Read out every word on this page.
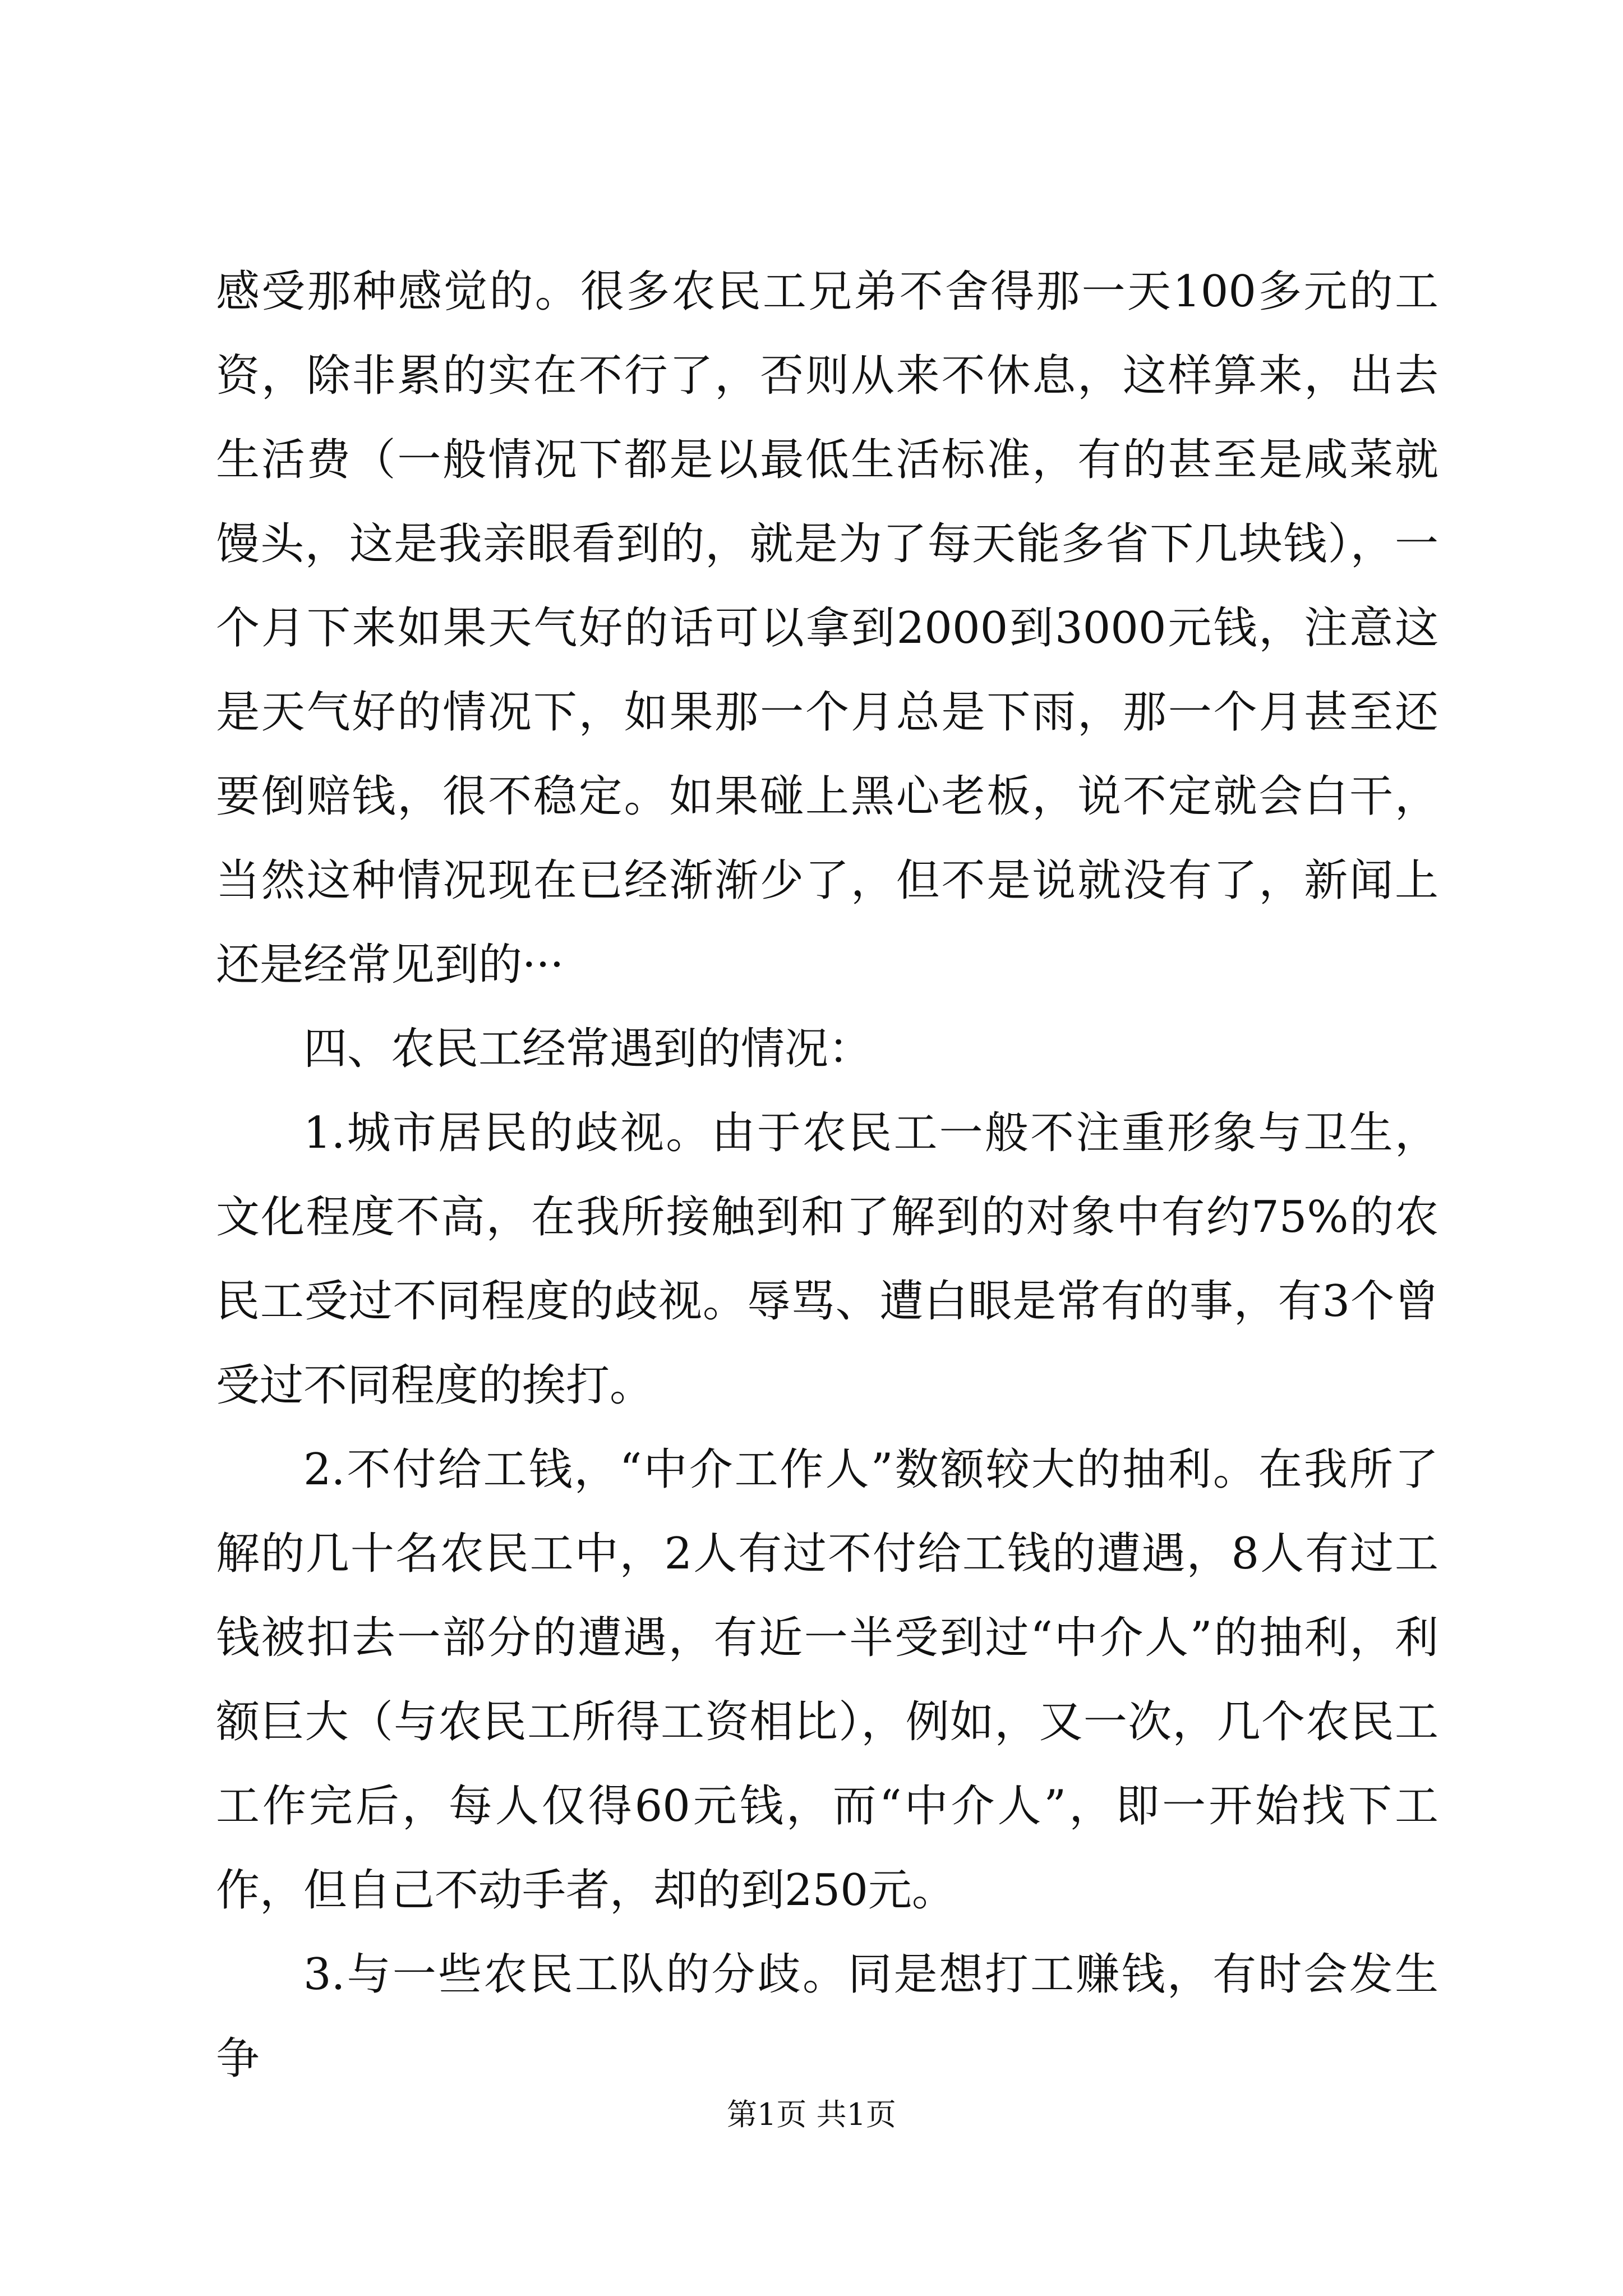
感受那种感觉的。很多农民工兄弟不舍得那一天100多元的工资，除非累的实在不行了，否则从来不休息，这样算来，出去生活费（一般情况下都是以最低生活标准，有的甚至是咸菜就馒头，这是我亲眼看到的，就是为了每天能多省下几块钱），一个月下来如果天气好的话可以拿到2000到3000元钱，注意这是天气好的情况下，如果那一个月总是下雨，那一个月甚至还要倒赔钱，很不稳定。如果碰上黑心老板，说不定就会白干，当然这种情况现在已经渐渐少了，但不是说就没有了，新闻上还是经常见到的···

四、农民工经常遇到的情况：

1.城市居民的歧视。由于农民工一般不注重形象与卫生，文化程度不高，在我所接触到和了解到的对象中有约75%的农民工受过不同程度的歧视。辱骂、遭白眼是常有的事，有3个曾受过不同程度的挨打。

2.不付给工钱，“中介工作人”数额较大的抽利。在我所了解的几十名农民工中，2人有过不付给工钱的遭遇，8人有过工钱被扣去一部分的遭遇，有近一半受到过“中介人”的抽利，利额巨大（与农民工所得工资相比），例如，又一次，几个农民工工作完后，每人仅得60元钱，而“中介人”，即一开始找下工作，但自己不动手者，却的到250元。

3.与一些农民工队的分歧。同是想打工赚钱，有时会发生争

第1页 共1页
